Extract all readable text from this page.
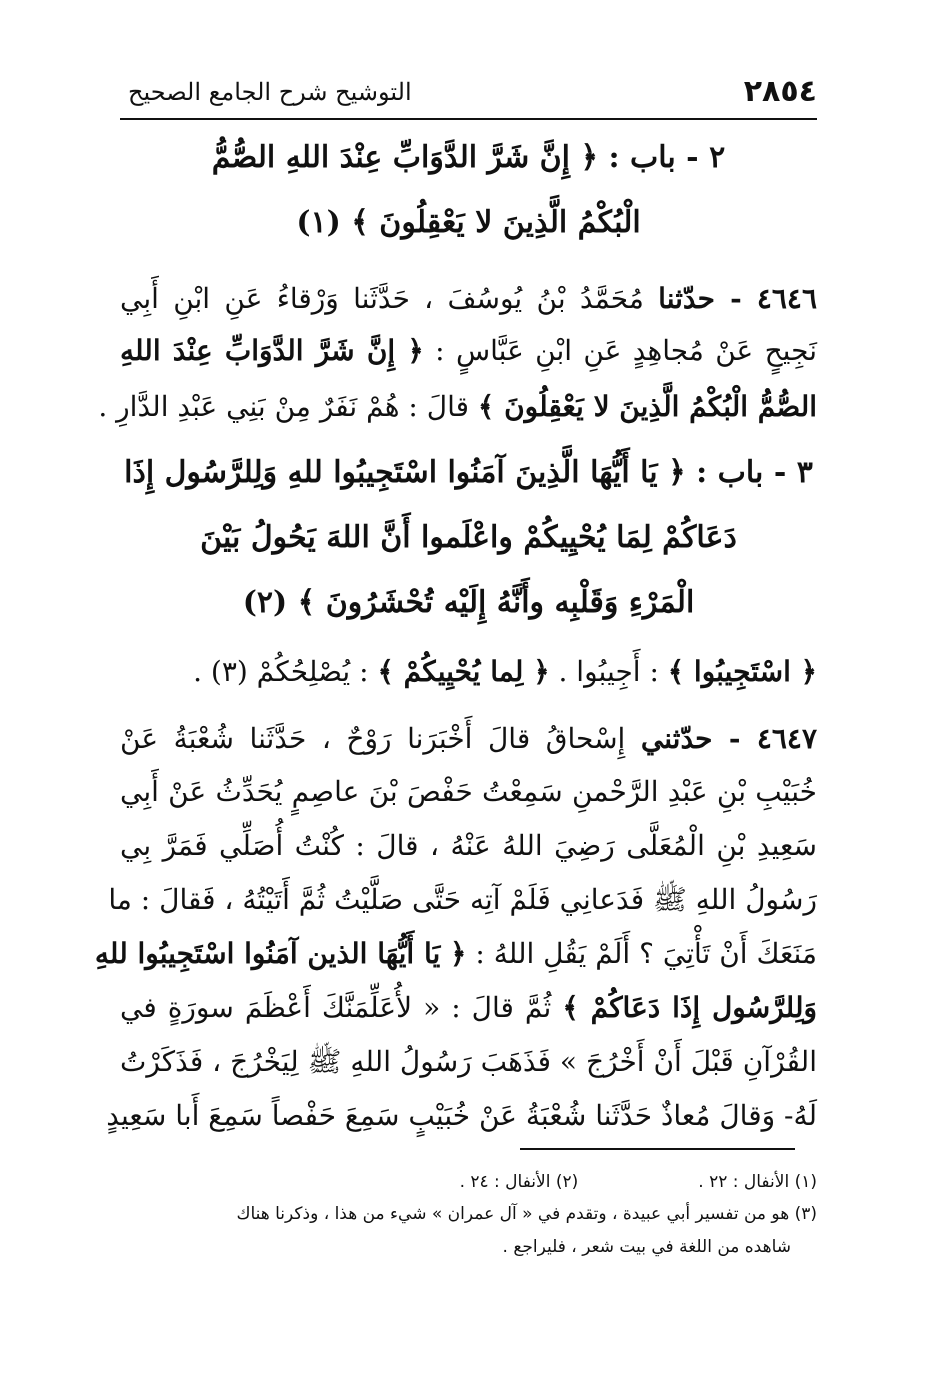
٢٨٥٤
التوشيح شرح الجامع الصحيح
٢ - باب : ﴿ إِنَّ شَرَّ الدَّوَابِّ عِنْدَ اللهِ الصُّمُّ
الْبُكْمُ الَّذِينَ لا يَعْقِلُونَ ﴾ (١)
٤٦٤٦ - حدّثنا مُحَمَّدُ بْنُ يُوسُفَ ، حَدَّثَنا وَرْقاءُ عَنِ ابْنِ أَبِي
نَجِيحٍ عَنْ مُجاهِدٍ عَنِ ابْنِ عَبَّاسٍ : ﴿ إِنَّ شَرَّ الدَّوَابِّ عِنْدَ اللهِ
الصُّمُّ الْبُكْمُ الَّذِينَ لا يَعْقِلُونَ ﴾ قالَ : هُمْ نَفَرٌ مِنْ بَنِي عَبْدِ الدَّارِ .
٣ - باب : ﴿ يَا أَيُّهَا الَّذِينَ آمَنُوا اسْتَجِيبُوا للهِ وَلِلرَّسُول إِذَا
دَعَاكُمْ لِمَا يُحْيِيكُمْ واعْلَموا أَنَّ اللهَ يَحُولُ بَيْنَ
الْمَرْءِ وَقَلْبِه وأَنَّهُ إِلَيْه تُحْشَرُونَ ﴾ (٢)
﴿ اسْتَجِيبُوا ﴾ : أَجِيبُوا . ﴿ لِما يُحْيِيكُمْ ﴾ : يُصْلِحُكُمْ (٣) .
٤٦٤٧ - حدّثني إِسْحاقُ قالَ أَخْبَرَنا رَوْحٌ ، حَدَّثَنا شُعْبَةُ عَنْ
خُبَيْبِ بْنِ عَبْدِ الرَّحْمنِ سَمِعْتُ حَفْصَ بْنَ عاصِمٍ يُحَدِّثُ عَنْ أَبِي
سَعِيدِ بْنِ الْمُعَلَّى رَضِيَ اللهُ عَنْهُ ، قالَ : كُنْتُ أُصَلِّي فَمَرَّ بِي
رَسُولُ اللهِ ﷺ فَدَعانِي فَلَمْ آتِه حَتَّى صَلَّيْتُ ثُمَّ أَتَيْتُهُ ، فَقالَ : ما
مَنَعَكَ أَنْ تَأْتِيَ ؟ أَلَمْ يَقُلِ اللهُ : ﴿ يَا أَيُّهَا الذين آمَنُوا اسْتَجِيبُوا للهِ
وَلِلرَّسُول إِذَا دَعَاكُمْ ﴾ ثُمَّ قالَ : « لأُعَلِّمَنَّكَ أَعْظَمَ سورَةٍ في
القُرْآنِ قَبْلَ أَنْ أَخْرُجَ » فَذَهَبَ رَسُولُ اللهِ ﷺ لِيَخْرُجَ ، فَذَكَرْتُ
لَهُ- وَقالَ مُعاذٌ حَدَّثَنا شُعْبَةُ عَنْ خُبَيْبٍ سَمِعَ حَفْصاً سَمِعَ أَبا سَعِيدٍ
(١) الأنفال : ٢٢ .
(٢) الأنفال : ٢٤ .
(٣) هو من تفسير أبي عبيدة ، وتقدم في « آل عمران » شيء من هذا ، وذكرنا هناك
شاهده من اللغة في بيت شعر ، فليراجع .
